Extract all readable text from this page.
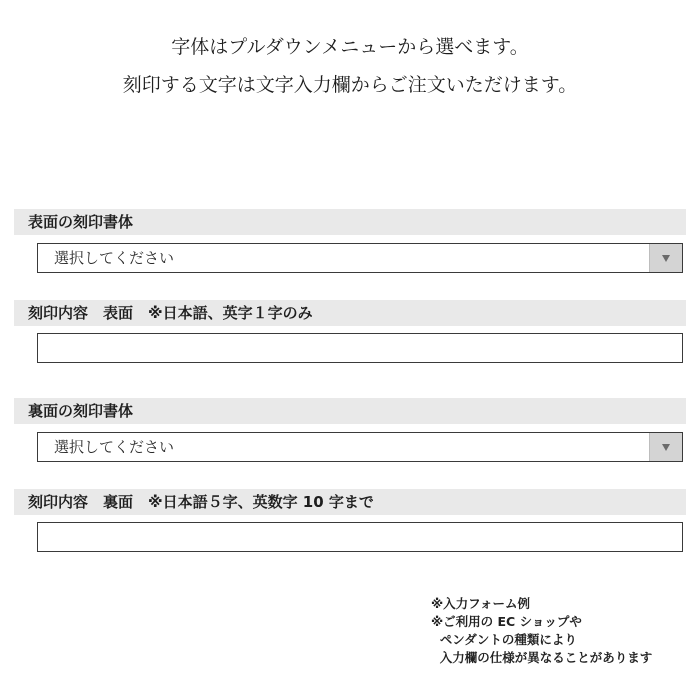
字体はプルダウンメニューから選べます。
刻印する文字は文字入力欄からご注文いただけます。
表面の刻印書体
選択してください
刻印内容　表面　※日本語、英字１字のみ
裏面の刻印書体
選択してください
刻印内容　裏面　※日本語５字、英数字 10 字まで
※入力フォーム例
※ご利用の EC ショップや
ペンダントの種類により
入力欄の仕様が異なることがあります
